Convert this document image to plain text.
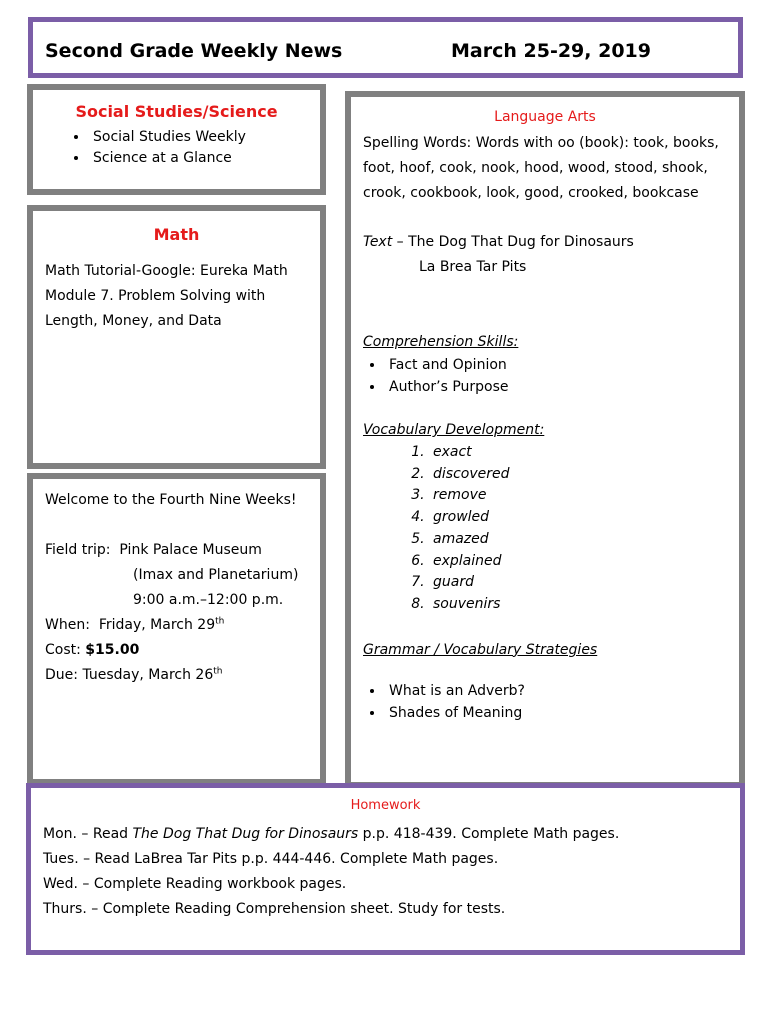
Second Grade Weekly News	March 25-29, 2019
Social Studies/Science
• Social Studies Weekly
• Science at a Glance
Math
Math Tutorial-Google: Eureka Math Module 7. Problem Solving with Length, Money, and Data
Welcome to the Fourth Nine Weeks!
Field trip: Pink Palace Museum
(Imax and Planetarium)
9:00 a.m.–12:00 p.m.
When: Friday, March 29th
Cost: $15.00
Due: Tuesday, March 26th
Language Arts
Spelling Words: Words with oo (book): took, books, foot, hoof, cook, nook, hood, wood, stood, shook, crook, cookbook, look, good, crooked, bookcase
Text – The Dog That Dug for Dinosaurs
La Brea Tar Pits
Comprehension Skills:
• Fact and Opinion
• Author’s Purpose
Vocabulary Development:
1. exact
2. discovered
3. remove
4. growled
5. amazed
6. explained
7. guard
8. souvenirs
Grammar / Vocabulary Strategies
• What is an Adverb?
• Shades of Meaning
Homework
Mon. – Read The Dog That Dug for Dinosaurs p.p. 418-439. Complete Math pages.
Tues. – Read LaBrea Tar Pits p.p. 444-446. Complete Math pages.
Wed. – Complete Reading workbook pages.
Thurs. – Complete Reading Comprehension sheet. Study for tests.
